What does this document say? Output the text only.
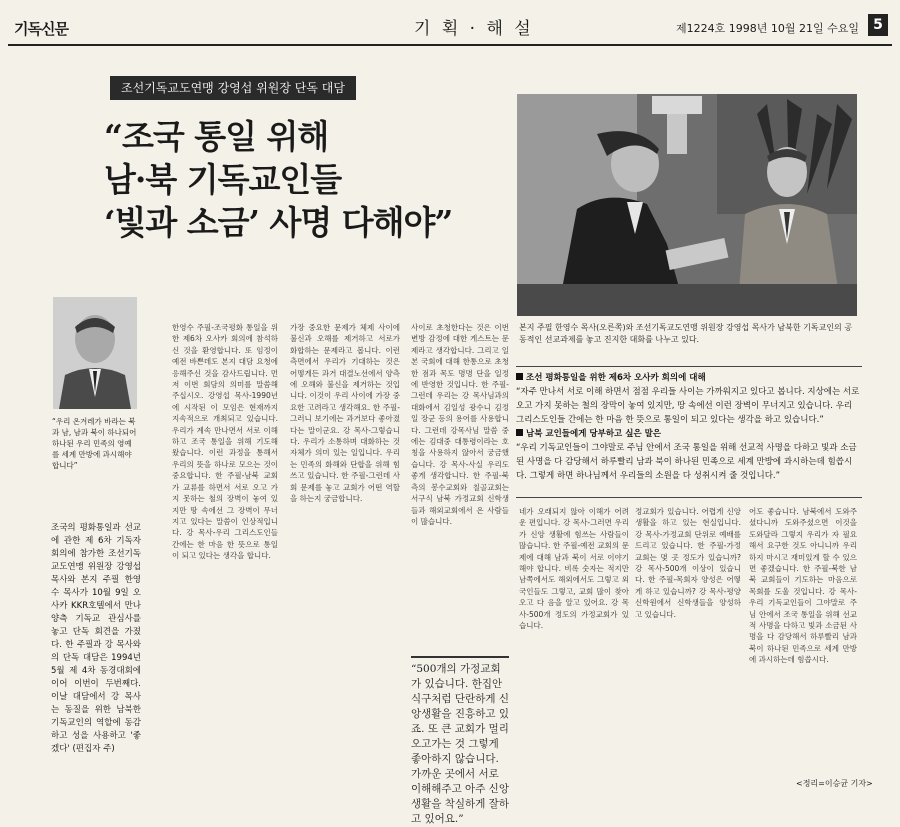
기독신문	기 획 · 해 설	제1224호 1998년 10월 21일 수요일	5
조선기독교도연맹 강영섭 위원장 단독 대담
“조국 통일 위해
남·북 기독교인들
‘빛과 소금’ 사명 다해야”
본지 주필 한영수 목사(오른쪽)와 조선기독교도연맹 위원장 강영섭 목사가 남북한 기독교인의 공동적인 선교과제를 놓고 진지한 대화를 나누고 있다.
“우리 온겨레가 바라는 북과 남, 남과 북이 하나되어 하나된 우리 민족의 영예를 세계 만방에 과시해야 합니다”
조국의 평화통일과 선교에 관한 제 6차 기독자 회의에 참가한 조선기독교도연맹 위원장 강영섭 목사와 본지 주필 한영수 목사가 10월 9일 오사카 KKR호텔에서 만나 양측 기독교 관심사를 놓고 단독 회견을 가졌다. 한 주필과 강 목사와의 단독 대담은 1994년 5월 제 4차 동경대회에 이어 이번이 두번째다. 이날 대담에서 강 목사는 동질을 위한 남북한 기독교인의 역할에 동감하고 성을 사용하고 '좋겠다' (편집자 주)
한영수 주필-조국평화 통일을 위한 제6차 오사카 회의에 참석하신 것을 환영합니다. 또 임정이 예전 바쁜데도 본지 대담 요청에 응해주신 것을 감사드립니다. 먼저 이번 회담의 의미를 말씀해 주십시오. 강영섭 목사-1990년에 시작된 이 모임은 현재까지 지속적으로 개최되고 있습니다. 우리가 계속 만나면서 서로 이해하고 조국 통일을 위해 기도해 왔습니다. 이런 과정을 통해서 우리의 뜻을 하나로 모으는 것이 중요합니다. 한 주필-남북 교회가 교류를 하면서 서로 오고 가지 못하는 철의 장벽이 놓여 있지만 땅 속에선 그 장벽이 무너지고 있다는 말씀이 인상적입니다. 강 목사-우리 그리스도인들 간에는 한 마음 한 뜻으로 통일이 되고 있다는 생각을 합니다.
가장 중요한 문제가 체제 사이에 불신과 오해를 제거하고 서로가 화합하는 문제라고 봅니다. 이런 측면에서 우리가 기대하는 것은 어떻게든 과거 대결노선에서 양측에 오해와 불신을 제거하는 것입니다. 이것이 우리 사이에 가장 중요한 고려라고 생각해요. 한 주필-그러니 보기에는 과거보다 좋아졌다는 말이군요. 강 목사-그렇습니다. 우리가 소통하며 대화하는 것 자체가 의미 있는 일입니다. 우리는 민족의 화해와 단합을 위해 힘쓰고 있습니다. 한 주필-그런데 사회 문제를 놓고 교회가 어떤 역할을 하는지 궁금합니다.
사이로 초청한다는 것은 이번 변방 감정에 대한 게스트는 문제라고 생각합니다. 그리고 일본 국회에 대해 한통으로 초청한 점과 목도 명명 단을 일정에 반영한 것입니다. 한 주필-그런데 우리는 강 목사님과의 대화에서 김일성 광수니 김정일 장군 등의 용어를 사용합니다. 그런데 강목사님 말씀 중에는 김대중 대통령이라는 호칭을 사용하지 않아서 궁금했습니다. 강 목사-사실 우리도 좋게 생각합니다. 한 주필-북측의 봉수교회와 칠골교회는 서구식 남북 가정교회 신학생들과 해외교회에서 온 사람들이 많습니다.
네가 오래되지 않아 이해가 어려운 편입니다. 강 목사-그러면 우리가 신앙 생활에 힘쓰는 사람들이 많습니다. 한 주필-예전 교회의 문제에 대해 남과 북이 서로 이야기 해야 합니다. 비록 숫자는 적지만 남쪽에서도 해외에서도 그렇고 외국인들도 그렇고, 교회 많이 찾아오고 다 음을 알고 있어요. 강 목사-500개 정도의 가정교회가 있습니다.
정교회가 있습니다. 어렵게 신앙생활을 하고 있는 현실입니다. 강 목사-가정교회 단위로 예배를 드리고 있습니다. 한 주필-가정교회는 몇 곳 정도가 있습니까? 강 목사-500개 이상이 있습니다. 한 주필-목회자 양성은 어떻게 하고 있습니까? 강 목사-평양신학원에서 신학생들을 양성하고 있습니다.
어도 좋습니다. 남북에서 도와주셨다니까 도와주셨으면 이것을 도와달라 그렇지 우리가 자 필요해서 요구한 것도 아니니까 우리하지 마시고 재미있게 할 수 있으면 좋겠습니다. 한 주필-북한 남북 교회들이 기도하는 마음으로 목회를 도울 것입니다. 강 목사-우리 기독교인들이 그야말로 주님 안에서 조국 통일을 위해 선교적 사명을 다하고 빛과 소금된 사명을 다 감당해서 하루빨리 남과 북이 하나된 민족으로 세계 만방에 과시하는데 힘씁시다.
“500개의 가정교회가 있습니다. 한집안 식구처럼 단란하게 신앙생활을 진흥하고 있죠. 또 큰 교회가 멀리 오고가는 것 그렇게 좋아하지 않습니다. 가까운 곳에서 서로 이해해주고 아주 신앙생활을 착실하게 잘하고 있어요.”
조선 평화통일을 위한 제6차 오사카 회의에 대해
“자주 만나서 서로 이해 하면서 점점 우리들 사이는 가까워지고 있다고 봅니다. 지상에는 서로 오고 가지 못하는 철의 장막이 놓여 있지만, 땅 속에선 이런 장벽이 무너지고 있습니다. 우리 그리스도인들 간에는 한 마음 한 뜻으로 통일이 되고 있다는 생각을 하고 있습니다.”
남북 교인들에게 당부하고 싶은 말은
“우리 기독교인들이 그야말로 주님 안에서 조국 통일을 위해 선교적 사명을 다하고 빛과 소금된 사명을 다 감당해서 하루빨리 남과 북이 하나된 민족으로 세계 만방에 과시하는데 힘씁시다. 그렇게 하면 하나님께서 우리들의 소원을 다 성취시켜 줄 것입니다.”
<정리=이승균 기자>
